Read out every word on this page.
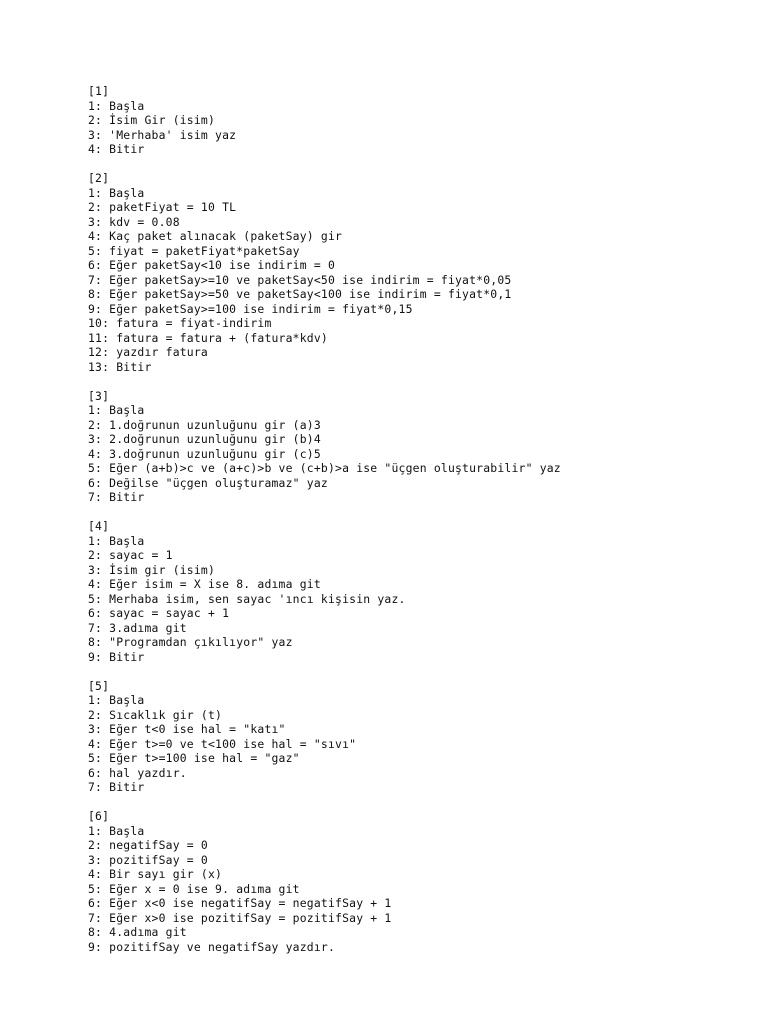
[1]
1: Başla
2: İsim Gir (isim)
3: 'Merhaba' isim yaz
4: Bitir
[2]
1: Başla
2: paketFiyat = 10 TL
3: kdv = 0.08
4: Kaç paket alınacak (paketSay) gir
5: fiyat = paketFiyat*paketSay
6: Eğer paketSay<10 ise indirim = 0
7: Eğer paketSay>=10 ve paketSay<50 ise indirim = fiyat*0,05
8: Eğer paketSay>=50 ve paketSay<100 ise indirim = fiyat*0,1
9: Eğer paketSay>=100 ise indirim = fiyat*0,15
10: fatura = fiyat-indirim
11: fatura = fatura + (fatura*kdv)
12: yazdır fatura
13: Bitir
[3]
1: Başla
2: 1.doğrunun uzunluğunu gir (a)3
3: 2.doğrunun uzunluğunu gir (b)4
4: 3.doğrunun uzunluğunu gir (c)5
5: Eğer (a+b)>c ve (a+c)>b ve (c+b)>a ise "üçgen oluşturabilir" yaz
6: Değilse "üçgen oluşturamaz" yaz
7: Bitir
[4]
1: Başla
2: sayac = 1
3: İsim gir (isim)
4: Eğer isim = X ise 8. adıma git
5: Merhaba isim, sen sayac 'ıncı kişisin yaz.
6: sayac = sayac + 1
7: 3.adıma git
8: "Programdan çıkılıyor" yaz
9: Bitir
[5]
1: Başla
2: Sıcaklık gir (t)
3: Eğer t<0 ise hal = "katı"
4: Eğer t>=0 ve t<100 ise hal = "sıvı"
5: Eğer t>=100 ise hal = "gaz"
6: hal yazdır.
7: Bitir
[6]
1: Başla
2: negatifSay = 0
3: pozitifSay = 0
4: Bir sayı gir (x)
5: Eğer x = 0 ise 9. adıma git
6: Eğer x<0 ise negatifSay = negatifSay + 1
7: Eğer x>0 ise pozitifSay = pozitifSay + 1
8: 4.adıma git
9: pozitifSay ve negatifSay yazdır.
